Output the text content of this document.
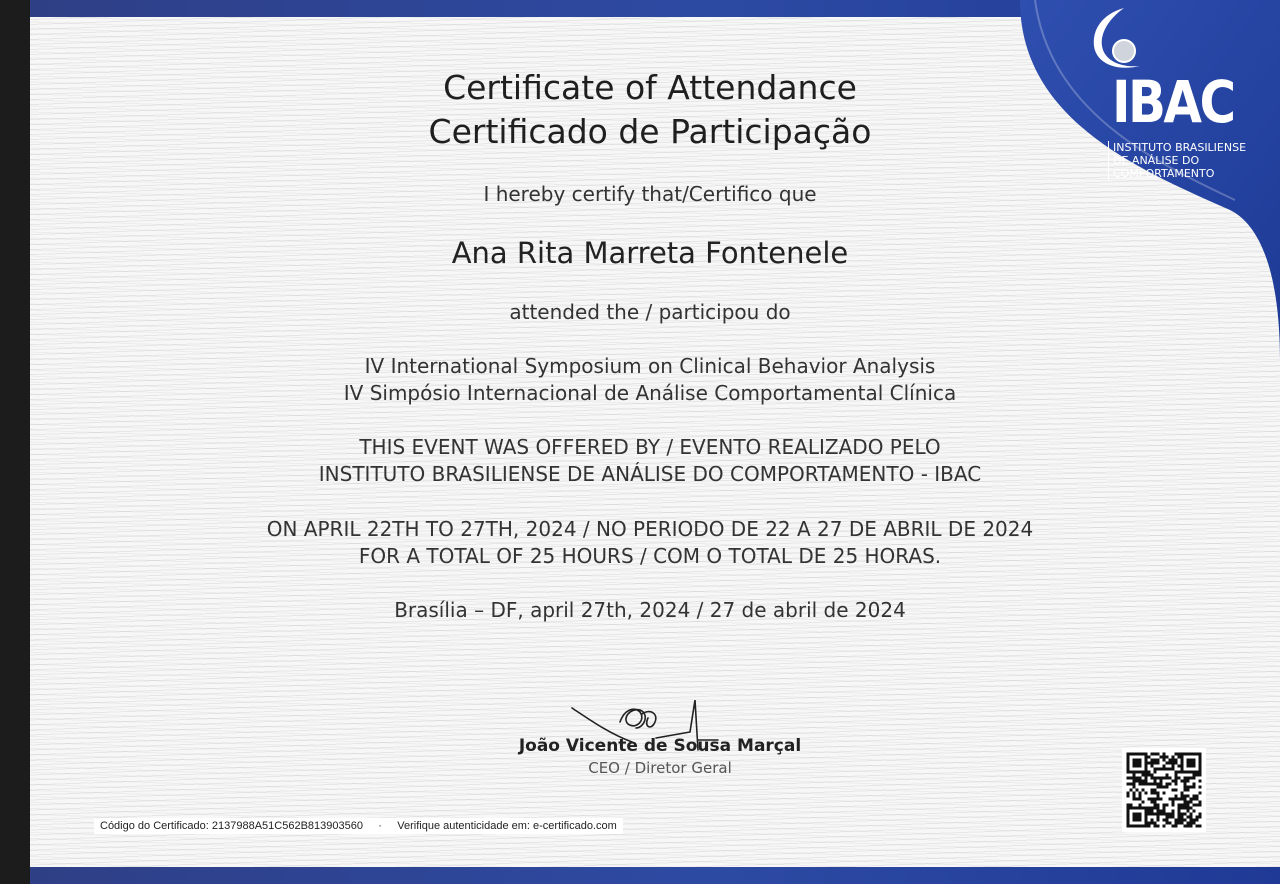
IBAC
INSTITUTO BRASILIENSE
DE ANÁLISE DO
COMPORTAMENTO

Certificate of Attendance

Certificado de Participação

I hereby certify that/Certifico que

Ana Rita Marreta Fontenele

attended the / participou do

IV International Symposium on Clinical Behavior Analysis

IV Simpósio Internacional de Análise Comportamental Clínica

THIS EVENT WAS OFFERED BY / EVENTO REALIZADO PELO

INSTITUTO BRASILIENSE DE ANÁLISE DO COMPORTAMENTO - IBAC

ON APRIL 22TH TO 27TH, 2024 / NO PERIODO DE 22 A 27 DE ABRIL DE 2024

FOR A TOTAL OF 25 HOURS / COM O TOTAL DE 25 HORAS.

Brasília – DF, april 27th, 2024 / 27 de abril de 2024

João Vicente de Sousa Marçal
CEO / Diretor Geral
Código do Certificado: 2137988A51C562B813903560 · Verifique autenticidade em: e-certificado.com
